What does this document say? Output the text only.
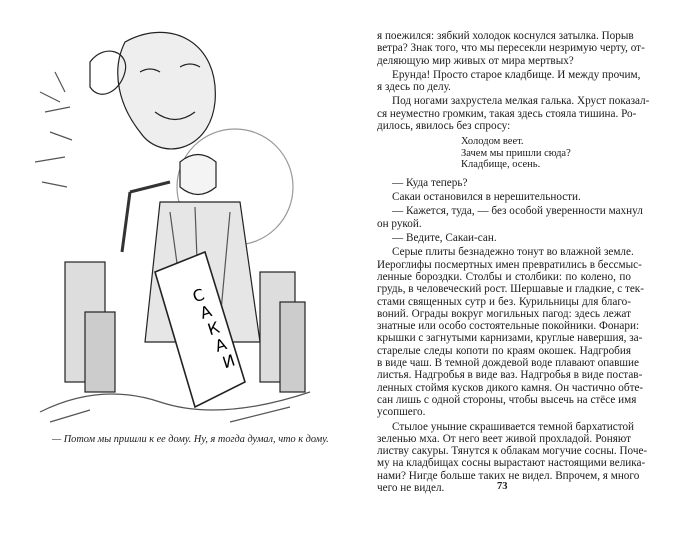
САКАИ
— Потом мы пришли к ее дому. Ну, я тогда думал, что к дому.
я поежился: зябкий холодок коснулся затылка. Порыв
ветра? Знак того, что мы пересекли незримую черту, от-
деляющую мир живых от мира мертвых?
Ерунда! Просто старое кладбище. И между прочим,
я здесь по делу.
Под ногами захрустела мелкая галька. Хруст показал-
ся неуместно громким, такая здесь стояла тишина. Ро-
дилось, явилось без спросу:
Холодом веет.
Зачем мы пришли сюда?
Кладбище, осень.
— Куда теперь?
Сакаи остановился в нерешительности.
— Кажется, туда, — без особой уверенности махнул
он рукой.
— Ведите, Сакаи-сан.
Серые плиты безнадежно тонут во влажной земле.
Иероглифы посмертных имен превратились в бессмыс-
ленные бороздки. Столбы и столбики: по колено, по
грудь, в человеческий рост. Шершавые и гладкие, с тек-
стами священных сутр и без. Курильницы для благо-
воний. Ограды вокруг могильных пагод: здесь лежат
знатные или особо состоятельные покойники. Фонари:
крышки с загнутыми карнизами, круглые навершия, за-
старелые следы копоти по краям окошек. Надгробия
в виде чаш. В темной дождевой воде плавают опавшие
листья. Надгробья в виде ваз. Надгробья в виде постав-
ленных стоймя кусков дикого камня. Он частично обте-
сан лишь с одной стороны, чтобы высечь на стёсе имя
усопшего.
Стылое уныние скрашивается темной бархатистой
зеленью мха. От него веет живой прохладой. Роняют
листву сакуры. Тянутся к облакам могучие сосны. Поче-
му на кладбищах сосны вырастают настоящими велика-
нами? Нигде больше таких не видел. Впрочем, я много
чего не видел.	73
